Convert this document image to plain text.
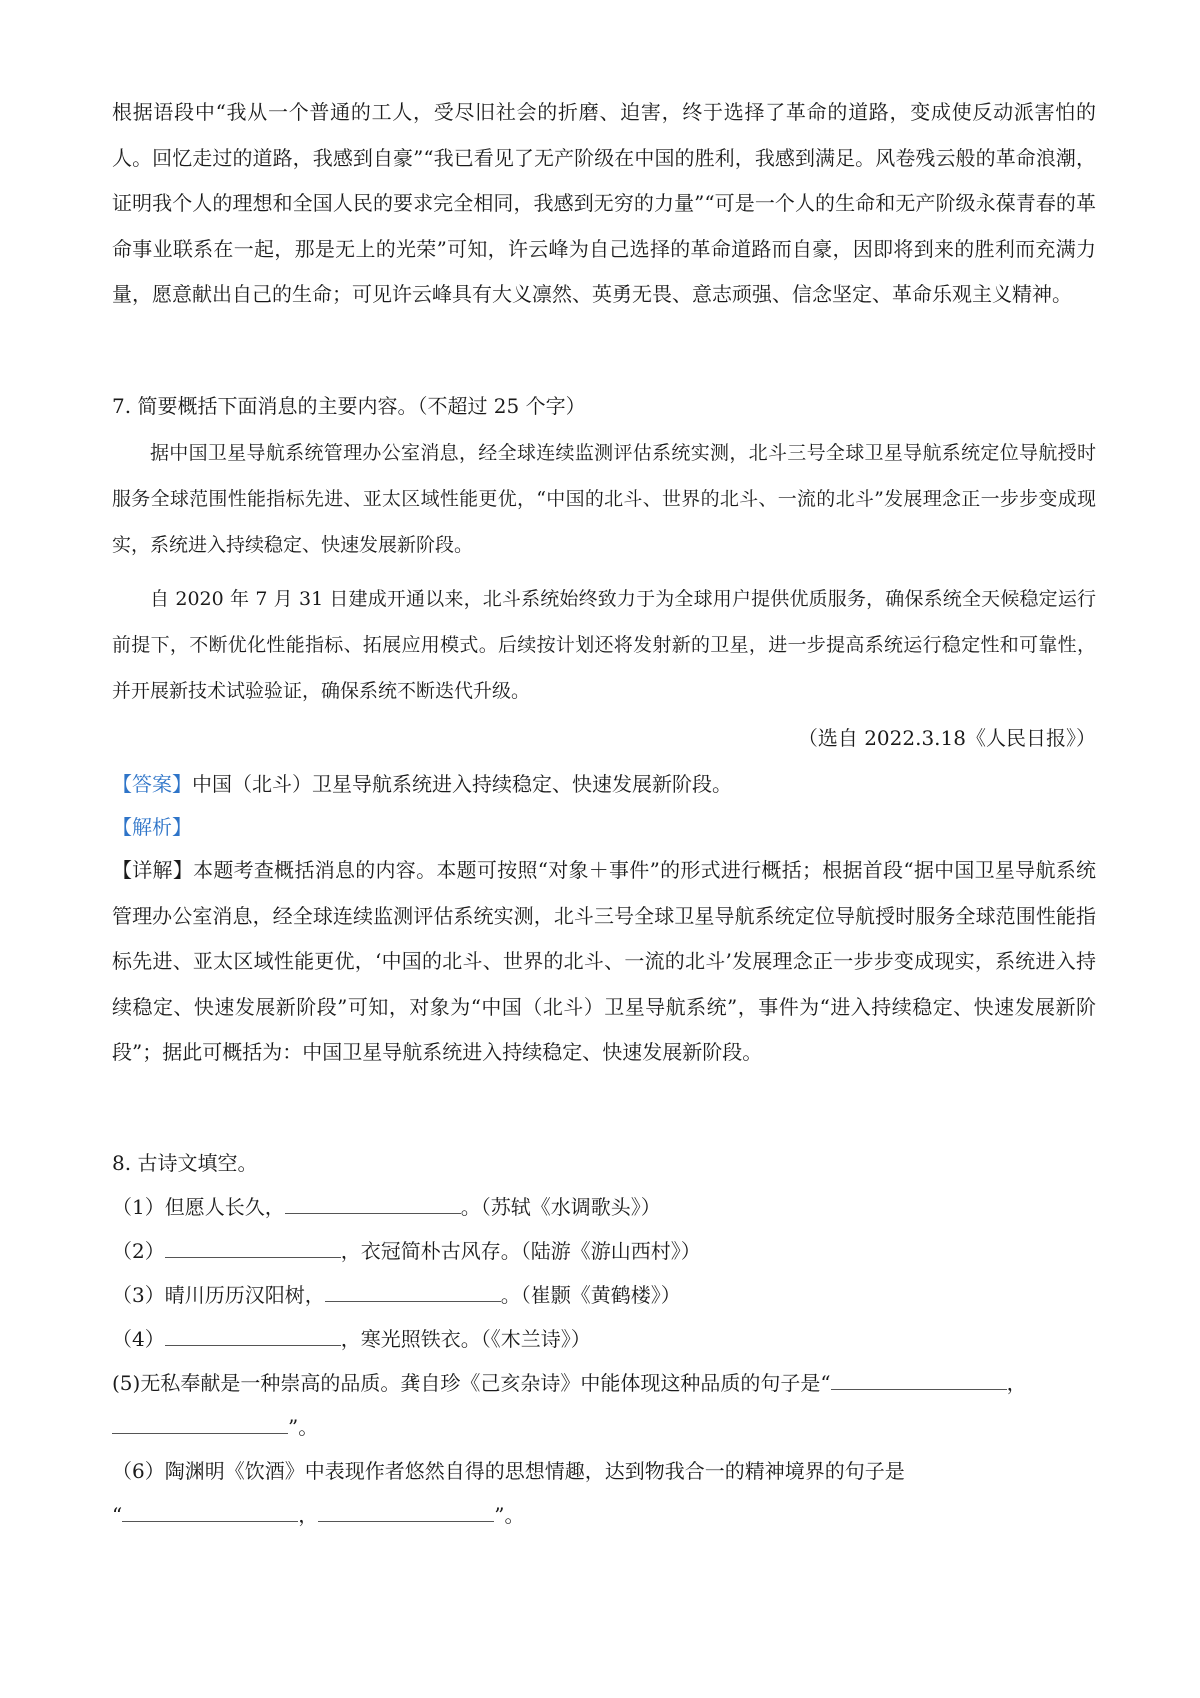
根据语段中“我从一个普通的工人，受尽旧社会的折磨、迫害，终于选择了革命的道路，变成使反动派害怕的人。回忆走过的道路，我感到自豪”“我已看见了无产阶级在中国的胜利，我感到满足。风卷残云般的革命浪潮，证明我个人的理想和全国人民的要求完全相同，我感到无穷的力量”“可是一个人的生命和无产阶级永葆青春的革命事业联系在一起，那是无上的光荣”可知，许云峰为自己选择的革命道路而自豪，因即将到来的胜利而充满力量，愿意献出自己的生命；可见许云峰具有大义凛然、英勇无畏、意志顽强、信念坚定、革命乐观主义精神。

7. 简要概括下面消息的主要内容。（不超过 25 个字）

据中国卫星导航系统管理办公室消息，经全球连续监测评估系统实测，北斗三号全球卫星导航系统定位导航授时服务全球范围性能指标先进、亚太区域性能更优，“中国的北斗、世界的北斗、一流的北斗”发展理念正一步步变成现实，系统进入持续稳定、快速发展新阶段。

自 2020 年 7 月 31 日建成开通以来，北斗系统始终致力于为全球用户提供优质服务，确保系统全天候稳定运行前提下，不断优化性能指标、拓展应用模式。后续按计划还将发射新的卫星，进一步提高系统运行稳定性和可靠性，并开展新技术试验验证，确保系统不断迭代升级。

（选自 2022.3.18《人民日报》）
【答案】中国（北斗）卫星导航系统进入持续稳定、快速发展新阶段。
【解析】

【详解】本题考查概括消息的内容。本题可按照“对象＋事件”的形式进行概括；根据首段“据中国卫星导航系统管理办公室消息，经全球连续监测评估系统实测，北斗三号全球卫星导航系统定位导航授时服务全球范围性能指标先进、亚太区域性能更优，‘中国的北斗、世界的北斗、一流的北斗’发展理念正一步步变成现实，系统进入持续稳定、快速发展新阶段”可知，对象为“中国（北斗）卫星导航系统”，事件为“进入持续稳定、快速发展新阶段”；据此可概括为：中国卫星导航系统进入持续稳定、快速发展新阶段。

8. 古诗文填空。
（1）但愿人长久，	。（苏轼《水调歌头》）
（2）	，衣冠简朴古风存。（陆游《游山西村》）
（3）晴川历历汉阳树，	。（崔颢《黄鹤楼》）
（4）	，寒光照铁衣。（《木兰诗》）
(5)无私奉献是一种崇高的品质。龚自珍《己亥杂诗》中能体现这种品质的句子是“	，
”。
（6）陶渊明《饮酒》中表现作者悠然自得的思想情趣，达到物我合一的精神境界的句子是
“	，	”。
